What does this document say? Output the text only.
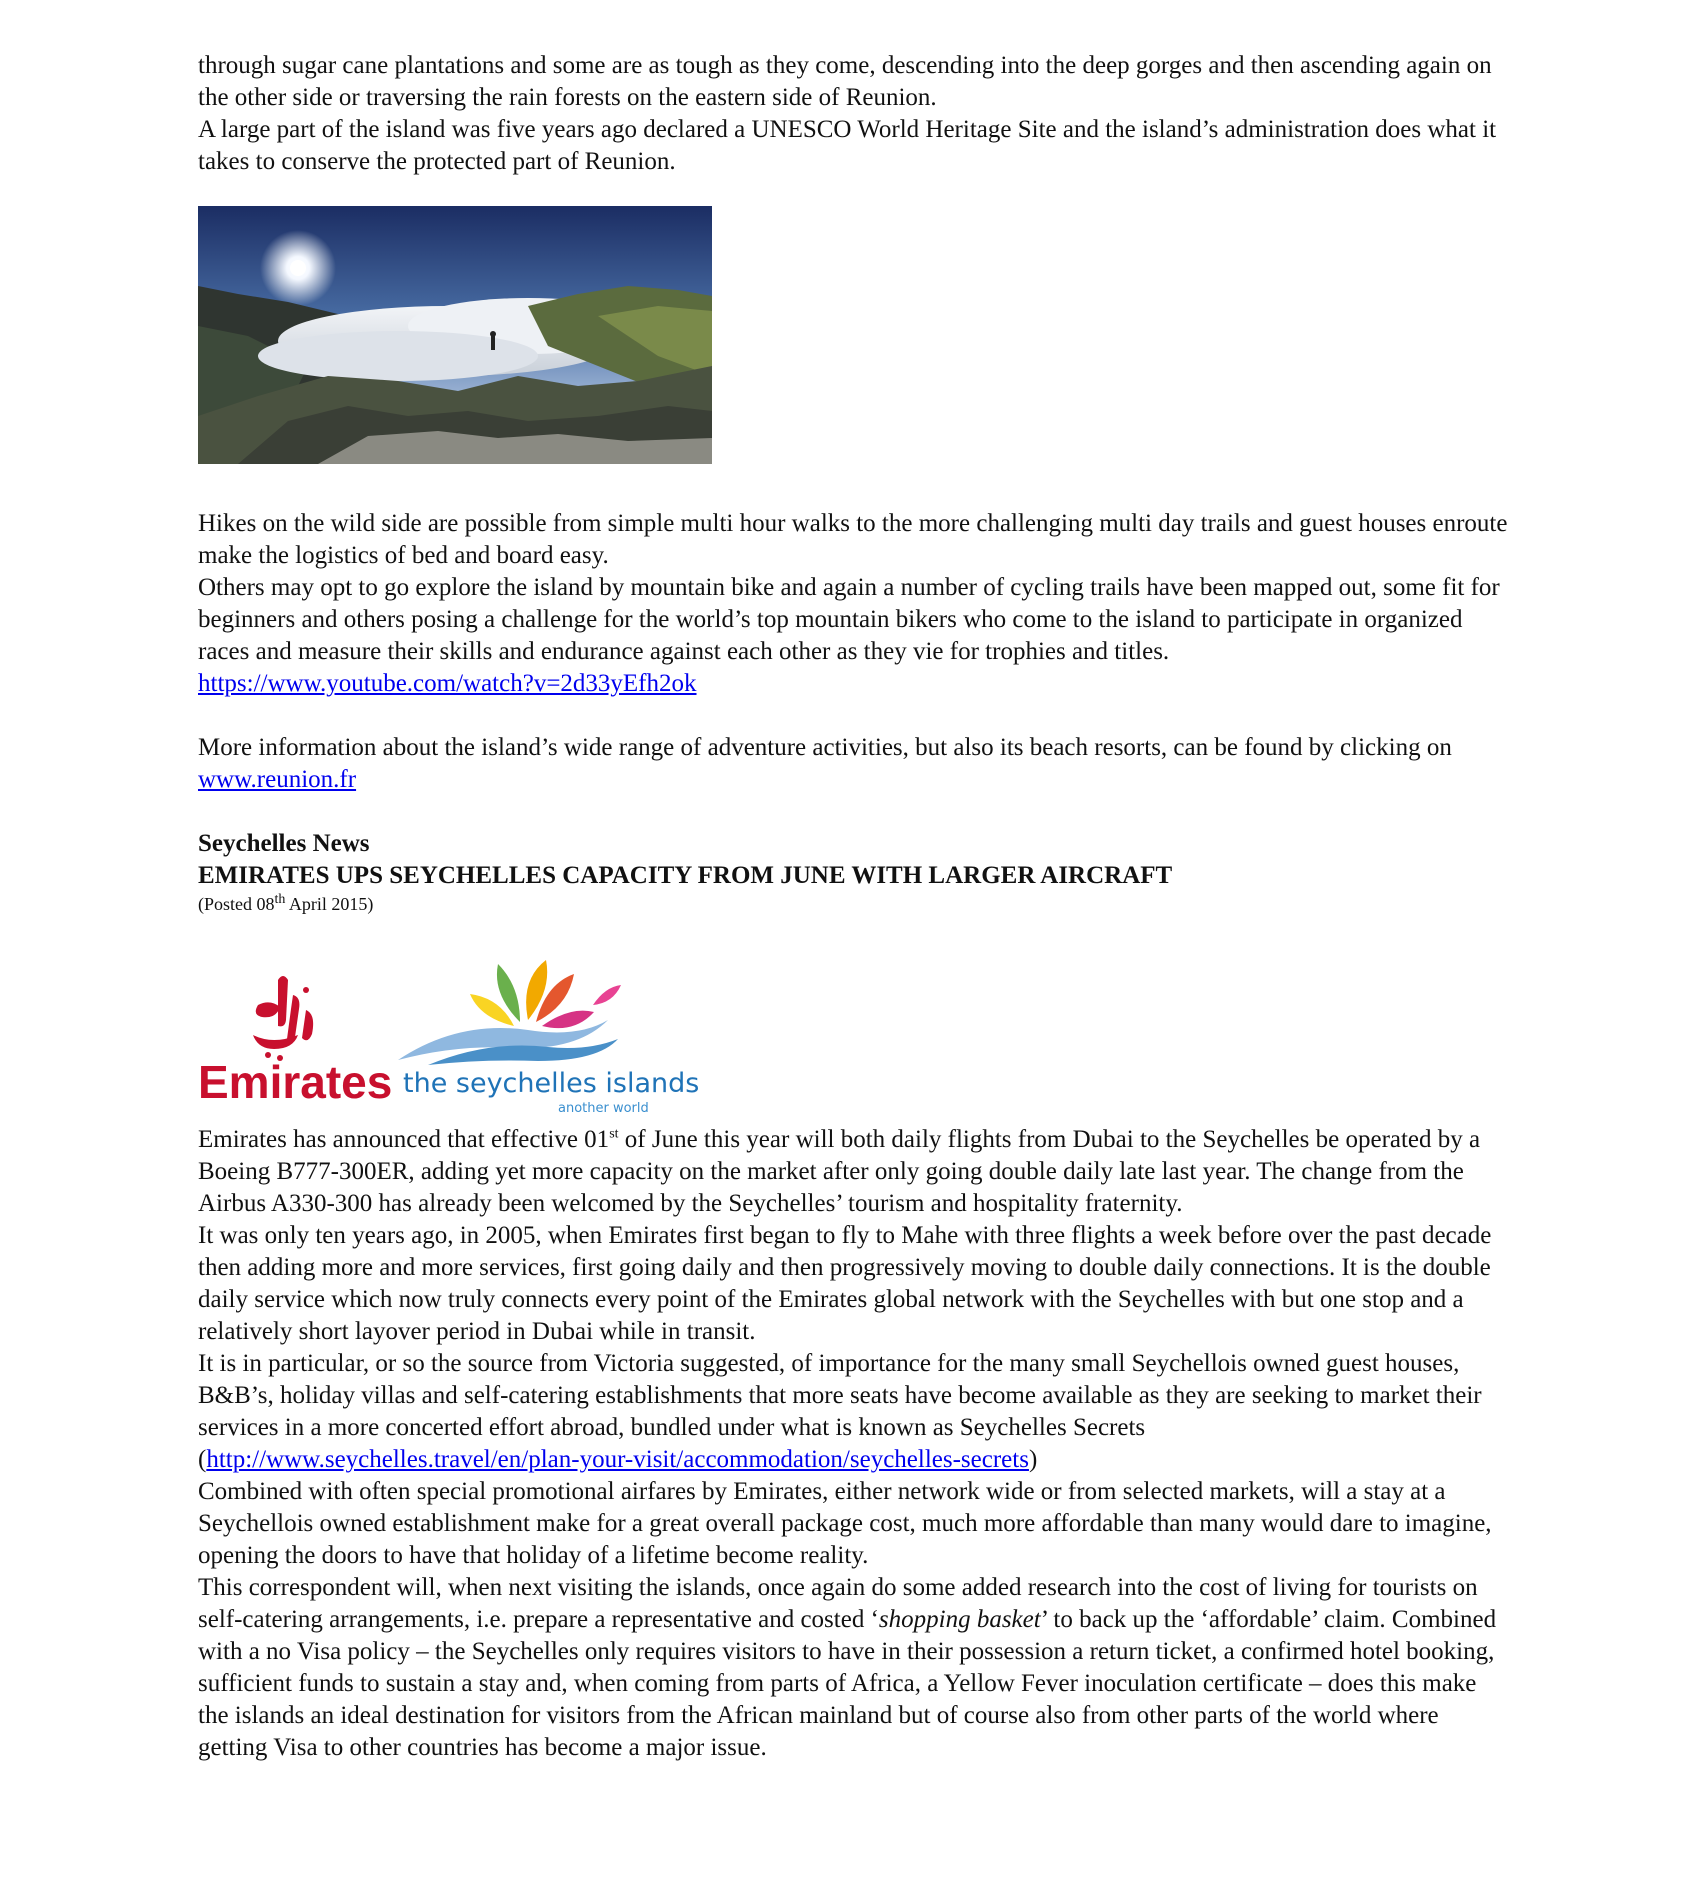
through sugar cane plantations and some are as tough as they come, descending into the deep gorges and then ascending again on the other side or traversing the rain forests on the eastern side of Reunion.

A large part of the island was five years ago declared a UNESCO World Heritage Site and the island’s administration does what it takes to conserve the protected part of Reunion.

Hikes on the wild side are possible from simple multi hour walks to the more challenging multi day trails and guest houses enroute make the logistics of bed and board easy.

Others may opt to go explore the island by mountain bike and again a number of cycling trails have been mapped out, some fit for beginners and others posing a challenge for the world’s top mountain bikers who come to the island to participate in organized races and measure their skills and endurance against each other as they vie for trophies and titles. https://www.youtube.com/watch?v=2d33yEfh2ok

More information about the island’s wide range of adventure activities, but also its beach resorts, can be found by clicking on www.reunion.fr

Seychelles News

EMIRATES UPS SEYCHELLES CAPACITY FROM JUNE WITH LARGER AIRCRAFT

(Posted 08th April 2015)

Emirates the seychelles islands
another world

Emirates has announced that effective 01st of June this year will both daily flights from Dubai to the Seychelles be operated by a Boeing B777-300ER, adding yet more capacity on the market after only going double daily late last year. The change from the Airbus A330-300 has already been welcomed by the Seychelles’ tourism and hospitality fraternity.

It was only ten years ago, in 2005, when Emirates first began to fly to Mahe with three flights a week before over the past decade then adding more and more services, first going daily and then progressively moving to double daily connections. It is the double daily service which now truly connects every point of the Emirates global network with the Seychelles with but one stop and a relatively short layover period in Dubai while in transit.

It is in particular, or so the source from Victoria suggested, of importance for the many small Seychellois owned guest houses, B&B’s, holiday villas and self-catering establishments that more seats have become available as they are seeking to market their services in a more concerted effort abroad, bundled under what is known as Seychelles Secrets (http://www.seychelles.travel/en/plan-your-visit/accommodation/seychelles-secrets)

Combined with often special promotional airfares by Emirates, either network wide or from selected markets, will a stay at a Seychellois owned establishment make for a great overall package cost, much more affordable than many would dare to imagine, opening the doors to have that holiday of a lifetime become reality.

This correspondent will, when next visiting the islands, once again do some added research into the cost of living for tourists on self-catering arrangements, i.e. prepare a representative and costed ‘shopping basket’ to back up the ‘affordable’ claim. Combined with a no Visa policy – the Seychelles only requires visitors to have in their possession a return ticket, a confirmed hotel booking, sufficient funds to sustain a stay and, when coming from parts of Africa, a Yellow Fever inoculation certificate – does this make the islands an ideal destination for visitors from the African mainland but of course also from other parts of the world where getting Visa to other countries has become a major issue.
